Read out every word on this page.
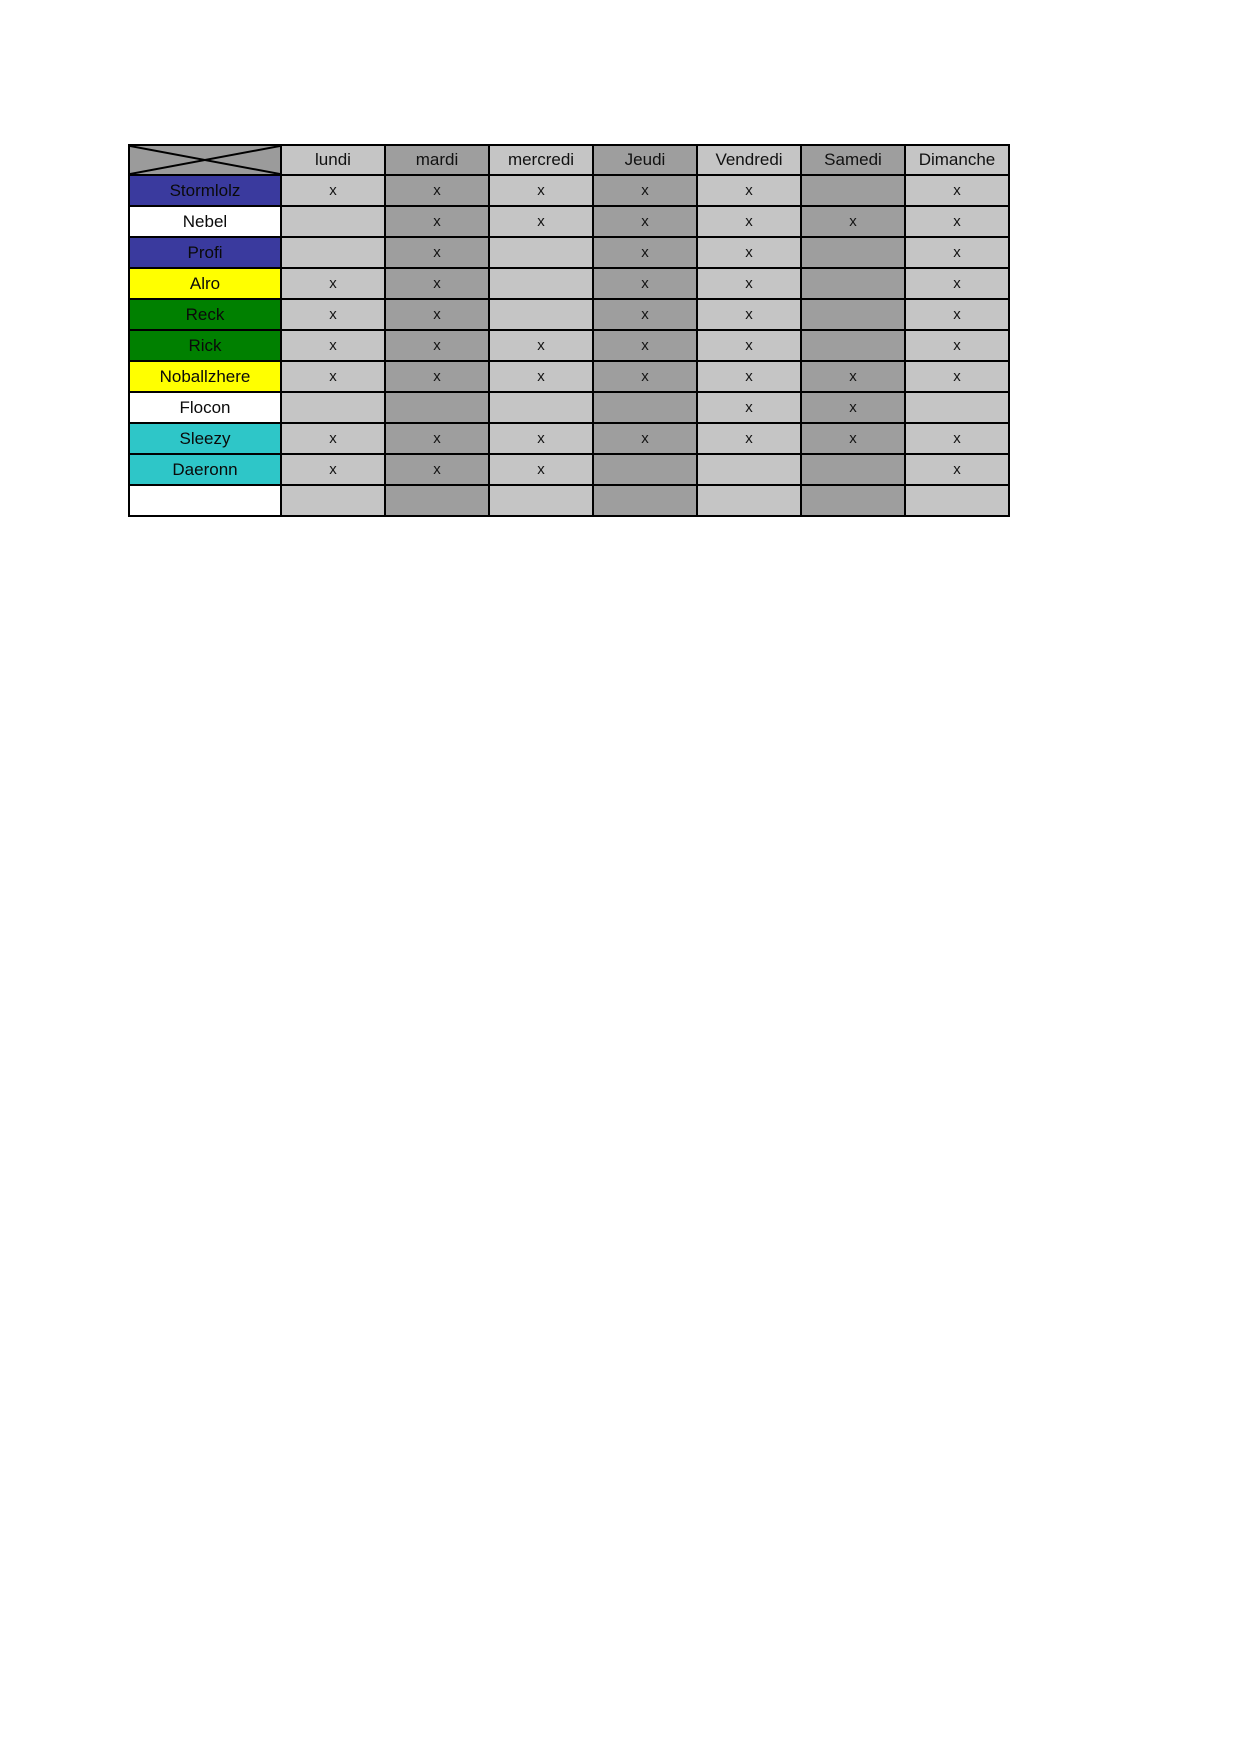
	lundi	mardi	mercredi	Jeudi	Vendredi	Samedi	Dimanche
Stormlolz	x	x	x	x	x		x
Nebel		x	x	x	x	x	x
Profi		x		x	x		x
Alro	x	x		x	x		x
Reck	x	x		x	x		x
Rick	x	x	x	x	x		x
Noballzhere	x	x	x	x	x	x	x
Flocon					x	x	
Sleezy	x	x	x	x	x	x	x
Daeronn	x	x	x				x
